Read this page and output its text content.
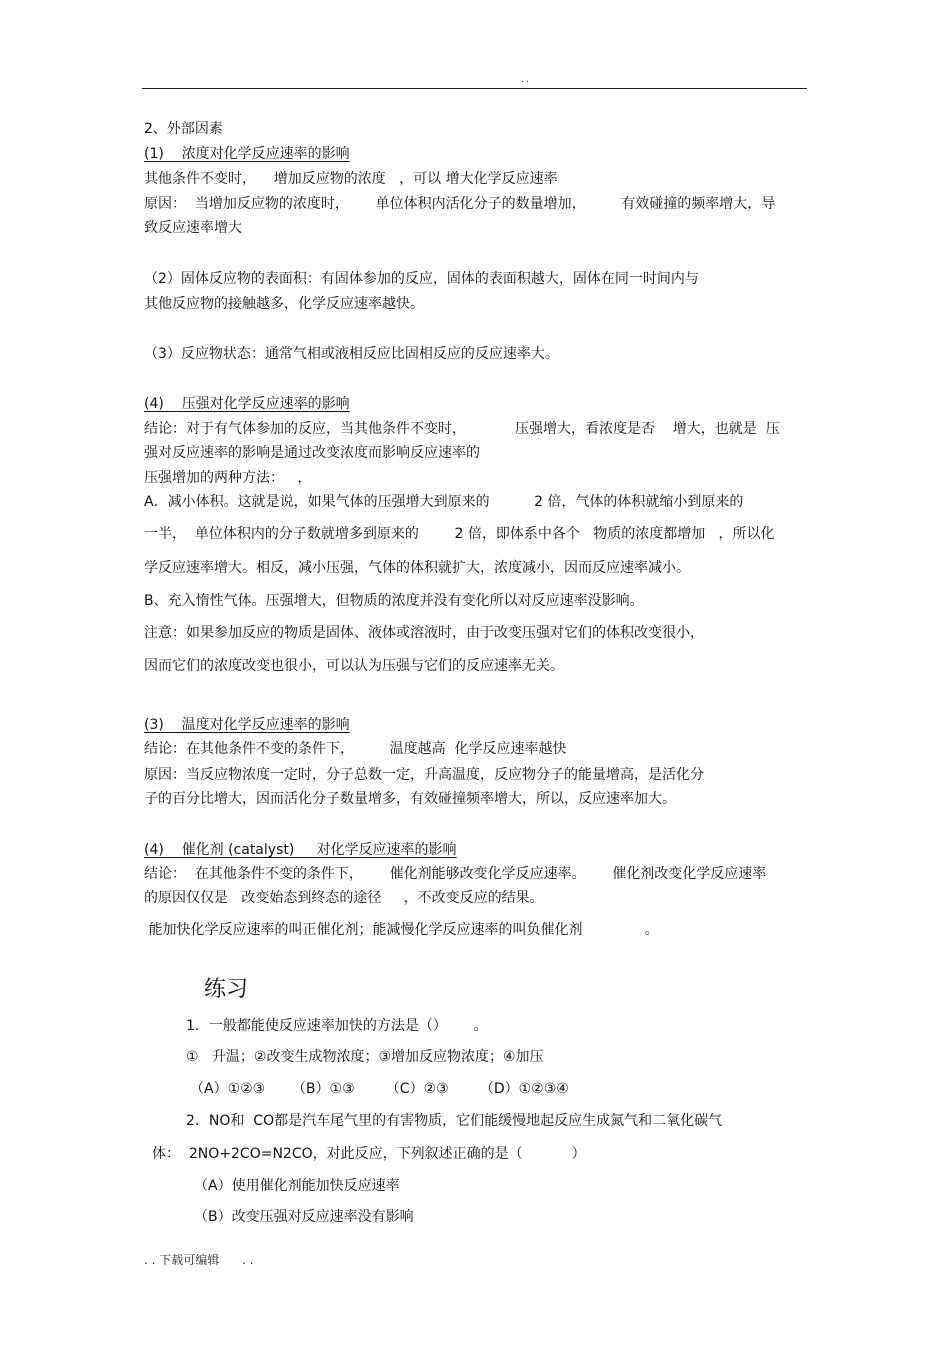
..
2、外部因素
(1)    浓度对化学反应速率的影响
其他条件不变时，    增加反应物的浓度   ，可以 增大化学反应速率
原因：  当增加反应物的浓度时，      单位体积内活化分子的数量增加，        有效碰撞的频率增大，导
致反应速率增大
（2）固体反应物的表面积：有固体参加的反应，固体的表面积越大，固体在同一时间内与
其他反应物的接触越多，化学反应速率越快。
（3）反应物状态：通常气相或液相反应比固相反应的反应速率大。
(4)    压强对化学反应速率的影响
结论：对于有气体参加的反应，当其他条件不变时，           压强增大，看浓度是否    增大，也就是  压
强对反应速率的影响是通过改变浓度而影响反应速率的
压强增加的两种方法：   ，
A．减小体积。这就是说，如果气体的压强增大到原来的          2 倍，气体的体积就缩小到原来的
一半，  单位体积内的分子数就增多到原来的        2 倍，即体系中各个   物质的浓度都增加   ，所以化
学反应速率增大。相反，减小压强，气体的体积就扩大，浓度减小，因而反应速率减小。
B、充入惰性气体。压强增大，但物质的浓度并没有变化所以对反应速率没影响。
注意：如果参加反应的物质是固体、液体或溶液时，由于改变压强对它们的体积改变很小，
因而它们的浓度改变也很小，可以认为压强与它们的反应速率无关。
(3)    温度对化学反应速率的影响
结论：在其他条件不变的条件下，        温度越高  化学反应速率越快
原因：当反应物浓度一定时，分子总数一定，升高温度，反应物分子的能量增高，是活化分
子的百分比增大，因而活化分子数量增多，有效碰撞频率增大，所以，反应速率加大。
(4)    催化剂 (catalyst)     对化学反应速率的影响
结论：  在其他条件不变的条件下，      催化剂能够改变化学反应速率。      催化剂改变化学反应速率
的原因仅仅是   改变始态到终态的途径     ，不改变反应的结果。
能加快化学反应速率的叫正催化剂；能减慢化学反应速率的叫负催化剂              。
练习
1．一般都能使反应速率加快的方法是（）      。
①   升温；②改变生成物浓度；③增加反应物浓度；④加压
（A）①②③      （B）①③       （C）②③       （D）①②③④
2．NO和  CO都是汽车尾气里的有害物质，它们能缓慢地起反应生成氮气和二氧化碳气
体：  2NO+2CO=N2CO，对此反应，下列叙述正确的是（           ）
（A）使用催化剂能加快反应速率
（B）改变压强对反应速率没有影响
. . 下载可编辑      . .
